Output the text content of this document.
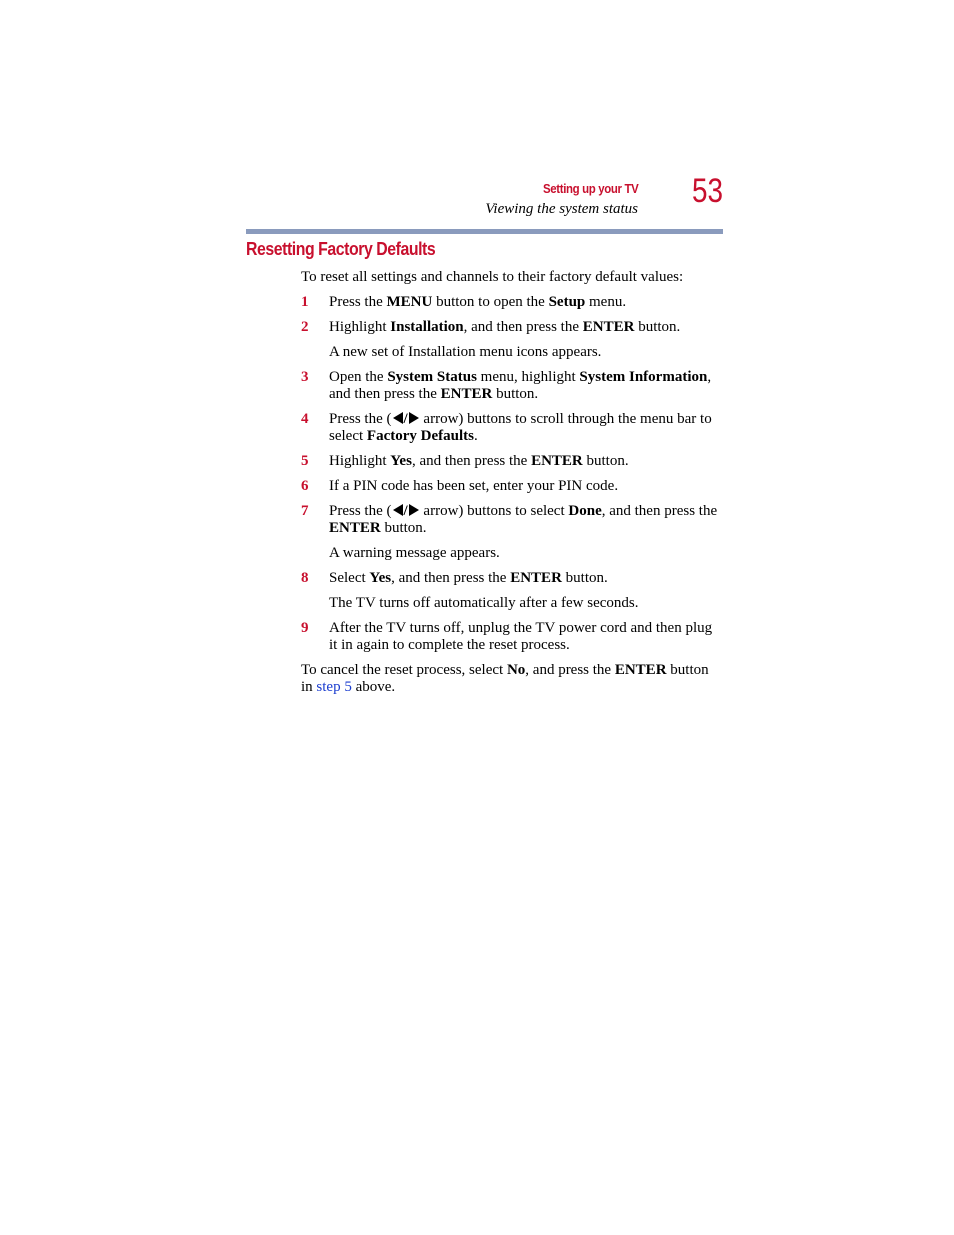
Setting up your TV
Viewing the system status 53
Resetting Factory Defaults

To reset all settings and channels to their factory default values:

1 Press the MENU button to open the Setup menu.
2 Highlight Installation, and then press the ENTER button.
A new set of Installation menu icons appears.
3 Open the System Status menu, highlight System Information, and then press the ENTER button.
4 Press the ( / arrow) buttons to scroll through the menu bar to select Factory Defaults.
5 Highlight Yes, and then press the ENTER button.
6 If a PIN code has been set, enter your PIN code.
7 Press the ( / arrow) buttons to select Done, and then press the ENTER button.
A warning message appears.
8 Select Yes, and then press the ENTER button.
The TV turns off automatically after a few seconds.
9 After the TV turns off, unplug the TV power cord and then plug it in again to complete the reset process.

To cancel the reset process, select No, and press the ENTER button in step 5 above.
